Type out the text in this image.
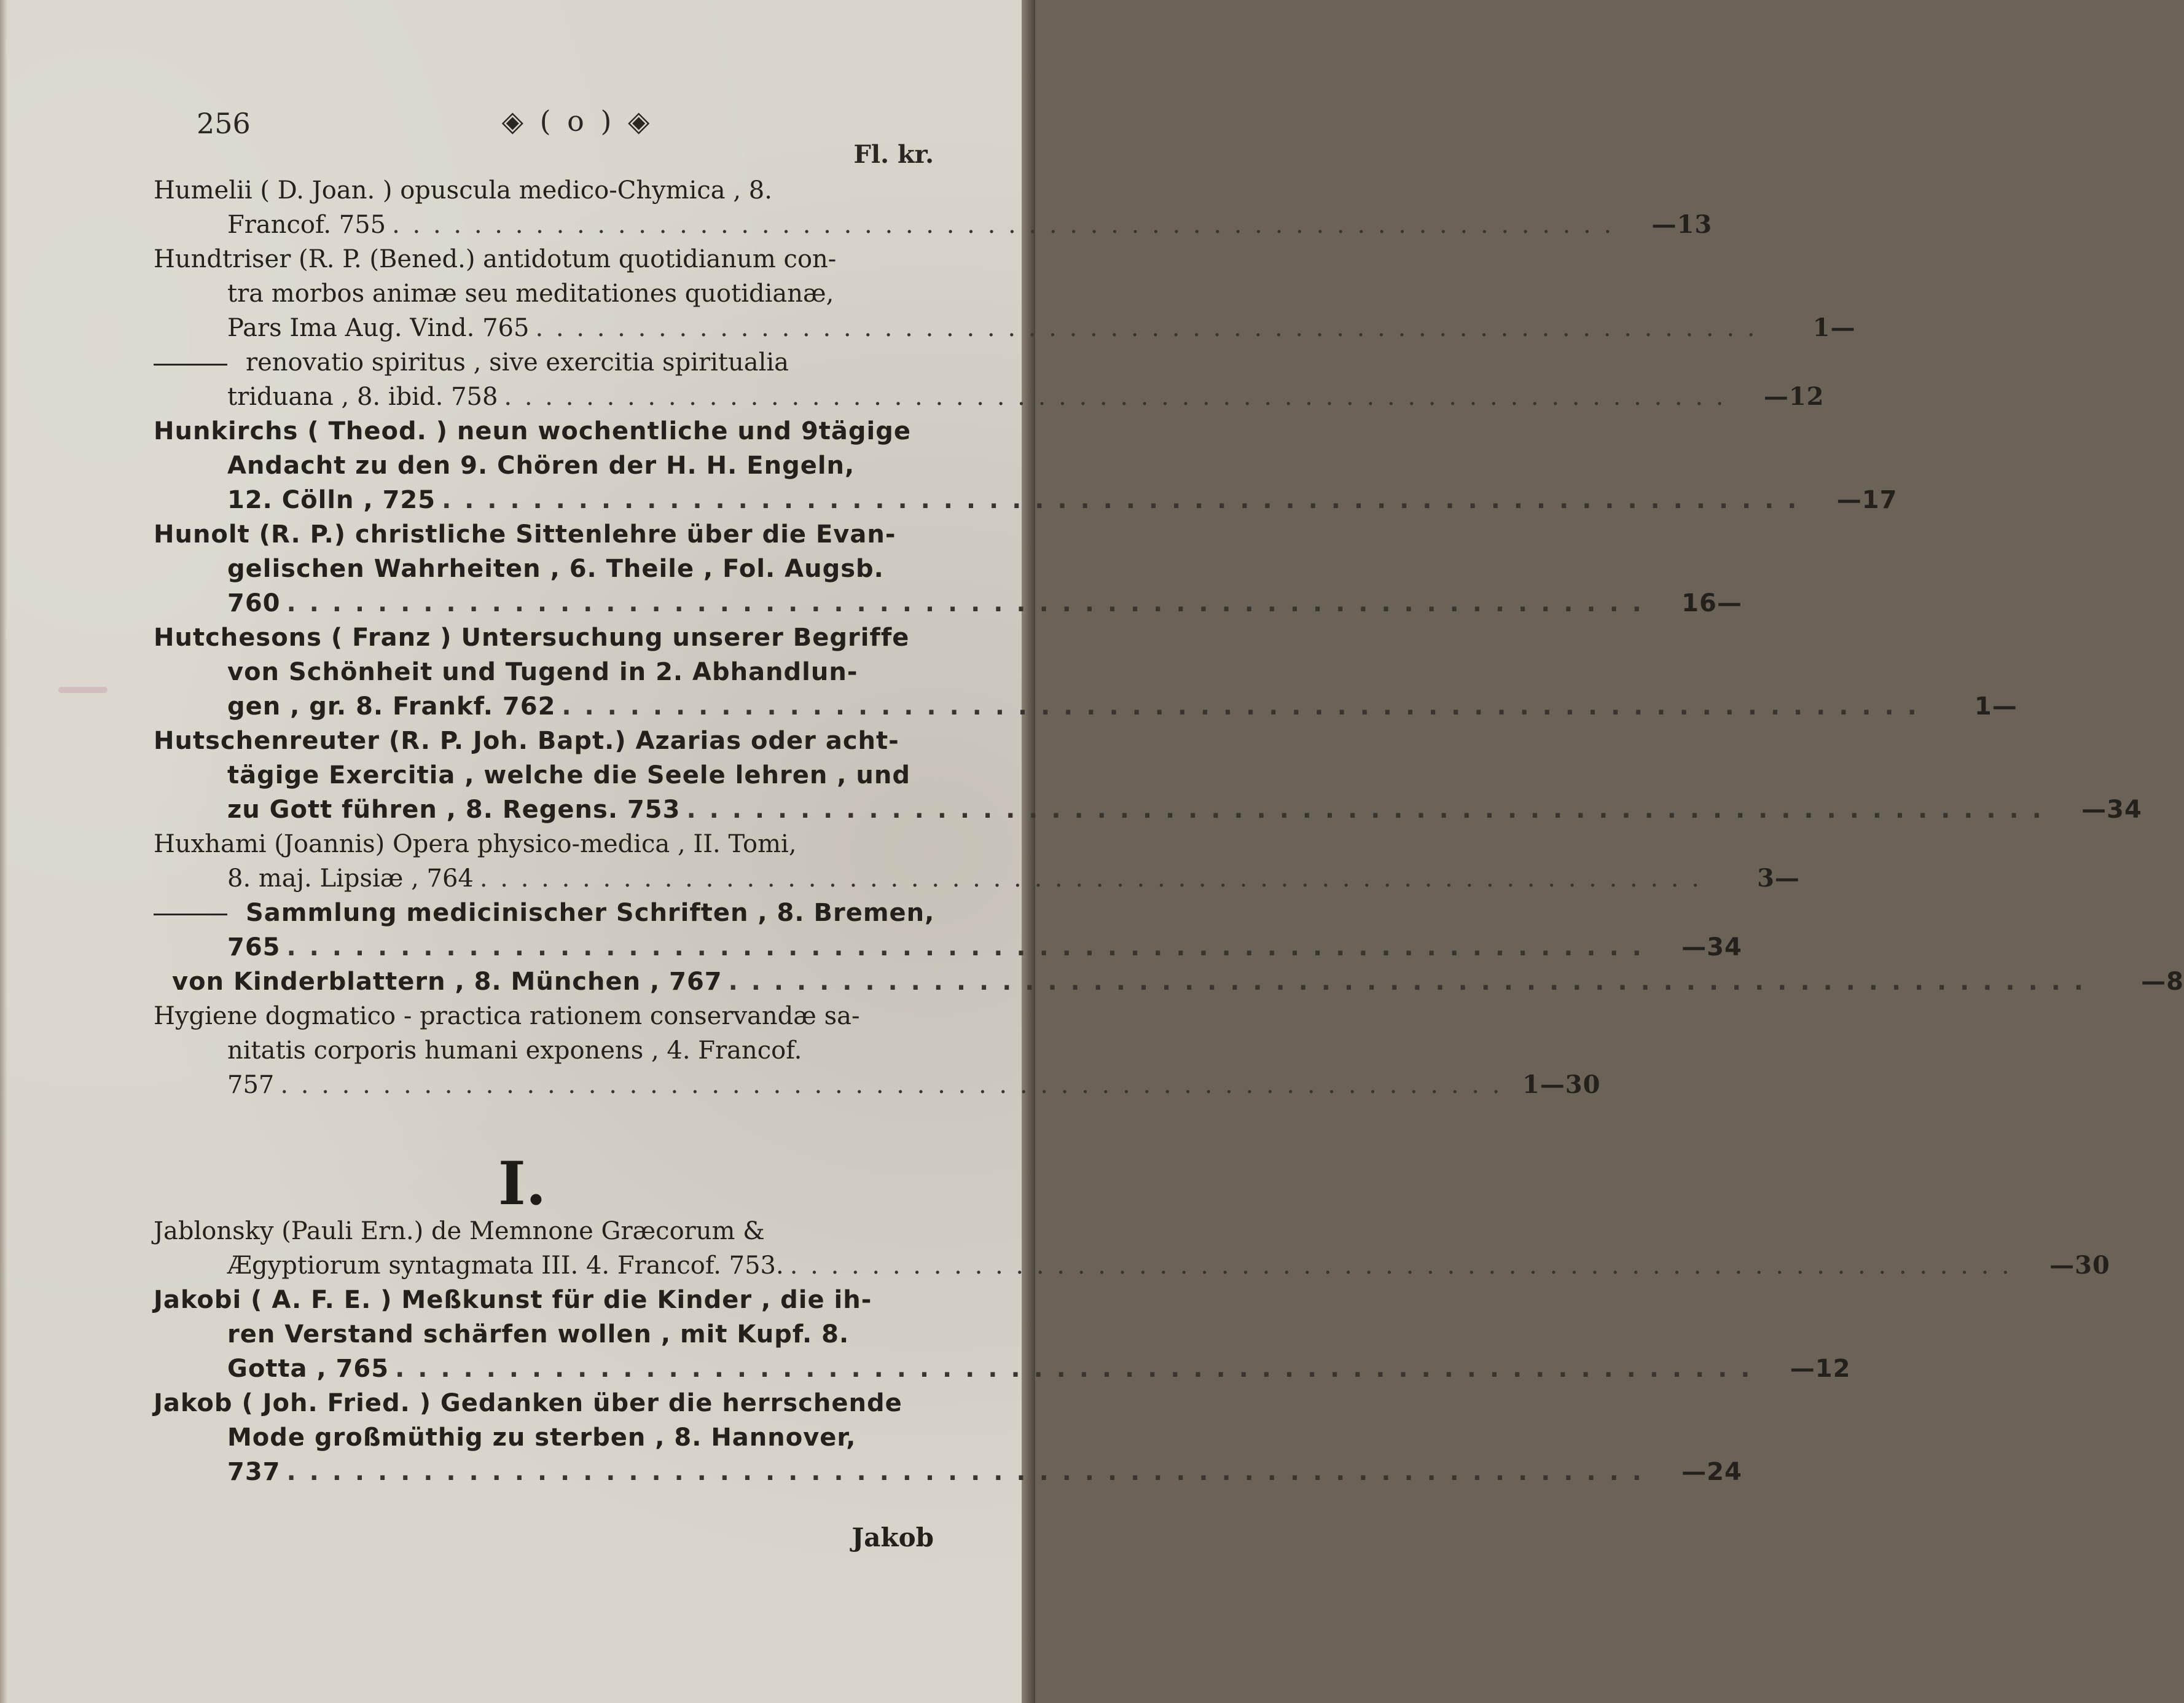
256	◈ ( o ) ◈
Fl. kr.
Humelii ( D. Joan. ) opuscula medico-Chymica , 8.
Francof. 755 . . . . . . . . . . . . . . . . . . . . . . . . . . . . . . . . . . . . . . . . . . . . . . . . . . . . . . . . . . . .	—13
Hundtriser (R. P. (Bened.) antidotum quotidianum con-
tra morbos animæ seu meditationes quotidianæ,
Pars Ima Aug. Vind. 765 . . . . . . . . . . . . . . . . . . . . . . . . . . . . . . . . . . . . . . . . . . . . . . . . . . . . . . . . . . . .	1—
renovatio spiritus , sive exercitia spiritualia
triduana , 8. ibid. 758 . . . . . . . . . . . . . . . . . . . . . . . . . . . . . . . . . . . . . . . . . . . . . . . . . . . . . . . . . . . .	—12
Hunkirchs ( Theod. ) neun wochentliche und 9tägige
Andacht zu den 9. Chören der H. H. Engeln,
12. Cölln , 725 . . . . . . . . . . . . . . . . . . . . . . . . . . . . . . . . . . . . . . . . . . . . . . . . . . . . . . . . . . . .	—17
Hunolt (R. P.) christliche Sittenlehre über die Evan-
gelischen Wahrheiten , 6. Theile , Fol. Augsb.
760 . . . . . . . . . . . . . . . . . . . . . . . . . . . . . . . . . . . . . . . . . . . . . . . . . . . . . . . . . . . .	16—
Hutchesons ( Franz ) Untersuchung unserer Begriffe
von Schönheit und Tugend in 2. Abhandlun-
gen , gr. 8. Frankf. 762 . . . . . . . . . . . . . . . . . . . . . . . . . . . . . . . . . . . . . . . . . . . . . . . . . . . . . . . . . . . .	1—
Hutschenreuter (R. P. Joh. Bapt.) Azarias oder acht-
tägige Exercitia , welche die Seele lehren , und
zu Gott führen , 8. Regens. 753 . . . . . . . . . . . . . . . . . . . . . . . . . . . . . . . . . . . . . . . . . . . . . . . . . . . . . . . . . . . .	—34
Huxhami (Joannis) Opera physico-medica , II. Tomi,
8. maj. Lipsiæ , 764 . . . . . . . . . . . . . . . . . . . . . . . . . . . . . . . . . . . . . . . . . . . . . . . . . . . . . . . . . . . .	3—
Sammlung medicinischer Schriften , 8. Bremen,
765 . . . . . . . . . . . . . . . . . . . . . . . . . . . . . . . . . . . . . . . . . . . . . . . . . . . . . . . . . . . .	—34
von Kinderblattern , 8. München , 767 . . . . . . . . . . . . . . . . . . . . . . . . . . . . . . . . . . . . . . . . . . . . . . . . . . . . . . . . . . . .	—8
Hygiene dogmatico - practica rationem conservandæ sa-
nitatis corporis humani exponens , 4. Francof.
757 . . . . . . . . . . . . . . . . . . . . . . . . . . . . . . . . . . . . . . . . . . . . . . . . . . . . . . . . . . . . 1—30
I.
Jablonsky (Pauli Ern.) de Memnone Græcorum &
Ægyptiorum syntagmata III. 4. Francof. 753. . . . . . . . . . . . . . . . . . . . . . . . . . . . . . . . . . . . . . . . . . . . . . . . . . . . . . . . . . . . .	—30
Jakobi ( A. F. E. ) Meßkunst für die Kinder , die ih-
ren Verstand schärfen wollen , mit Kupf. 8.
Gotta , 765 . . . . . . . . . . . . . . . . . . . . . . . . . . . . . . . . . . . . . . . . . . . . . . . . . . . . . . . . . . . .	—12
Jakob ( Joh. Fried. ) Gedanken über die herrschende
Mode großmüthig zu sterben , 8. Hannover,
737 . . . . . . . . . . . . . . . . . . . . . . . . . . . . . . . . . . . . . . . . . . . . . . . . . . . . . . . . . . . .	—24
Jakob
